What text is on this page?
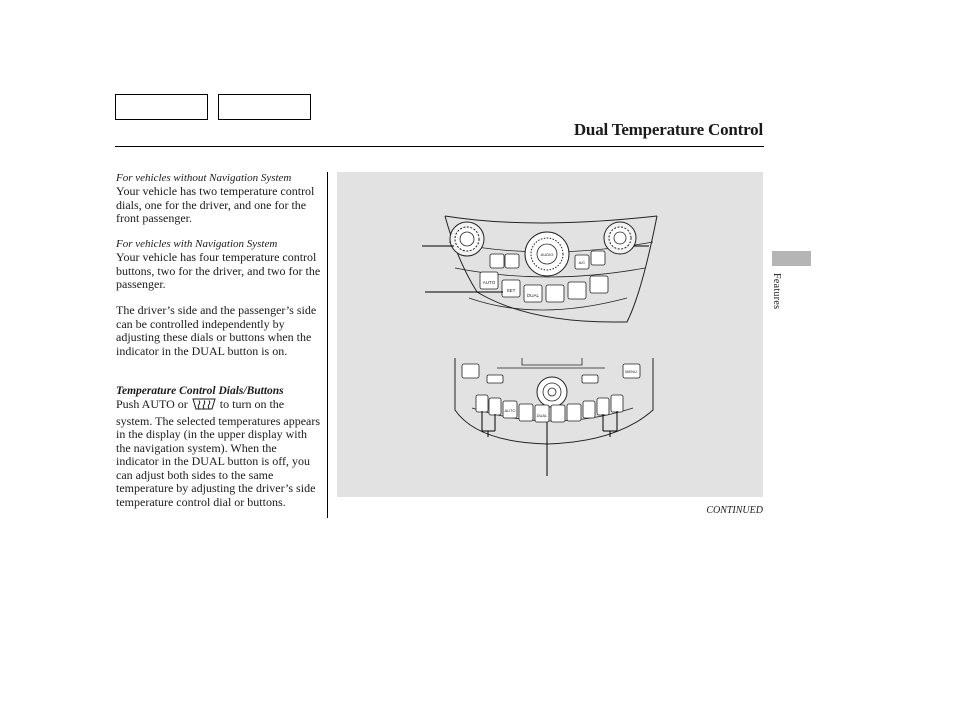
Dual Temperature Control
For vehicles without Navigation System
Your vehicle has two temperature control dials, one for the driver, and one for the front passenger.
For vehicles with Navigation System
Your vehicle has four temperature control buttons, two for the driver, and two for the passenger.
The driver’s side and the passenger’s side can be controlled independently by adjusting these dials or buttons when the indicator in the DUAL button is on.
Temperature Control Dials/Buttons
Push AUTO or	to turn on the system. The selected temperatures appears in the display (in the upper display with the navigation system). When the indicator in the DUAL button is off, you can adjust both sides to the same temperature by adjusting the driver’s side temperature control dial or buttons.
AUDIO
A/C
AUTO
SET
DUAL
MENU
AUTO
DUAL
CONTINUED
Features
